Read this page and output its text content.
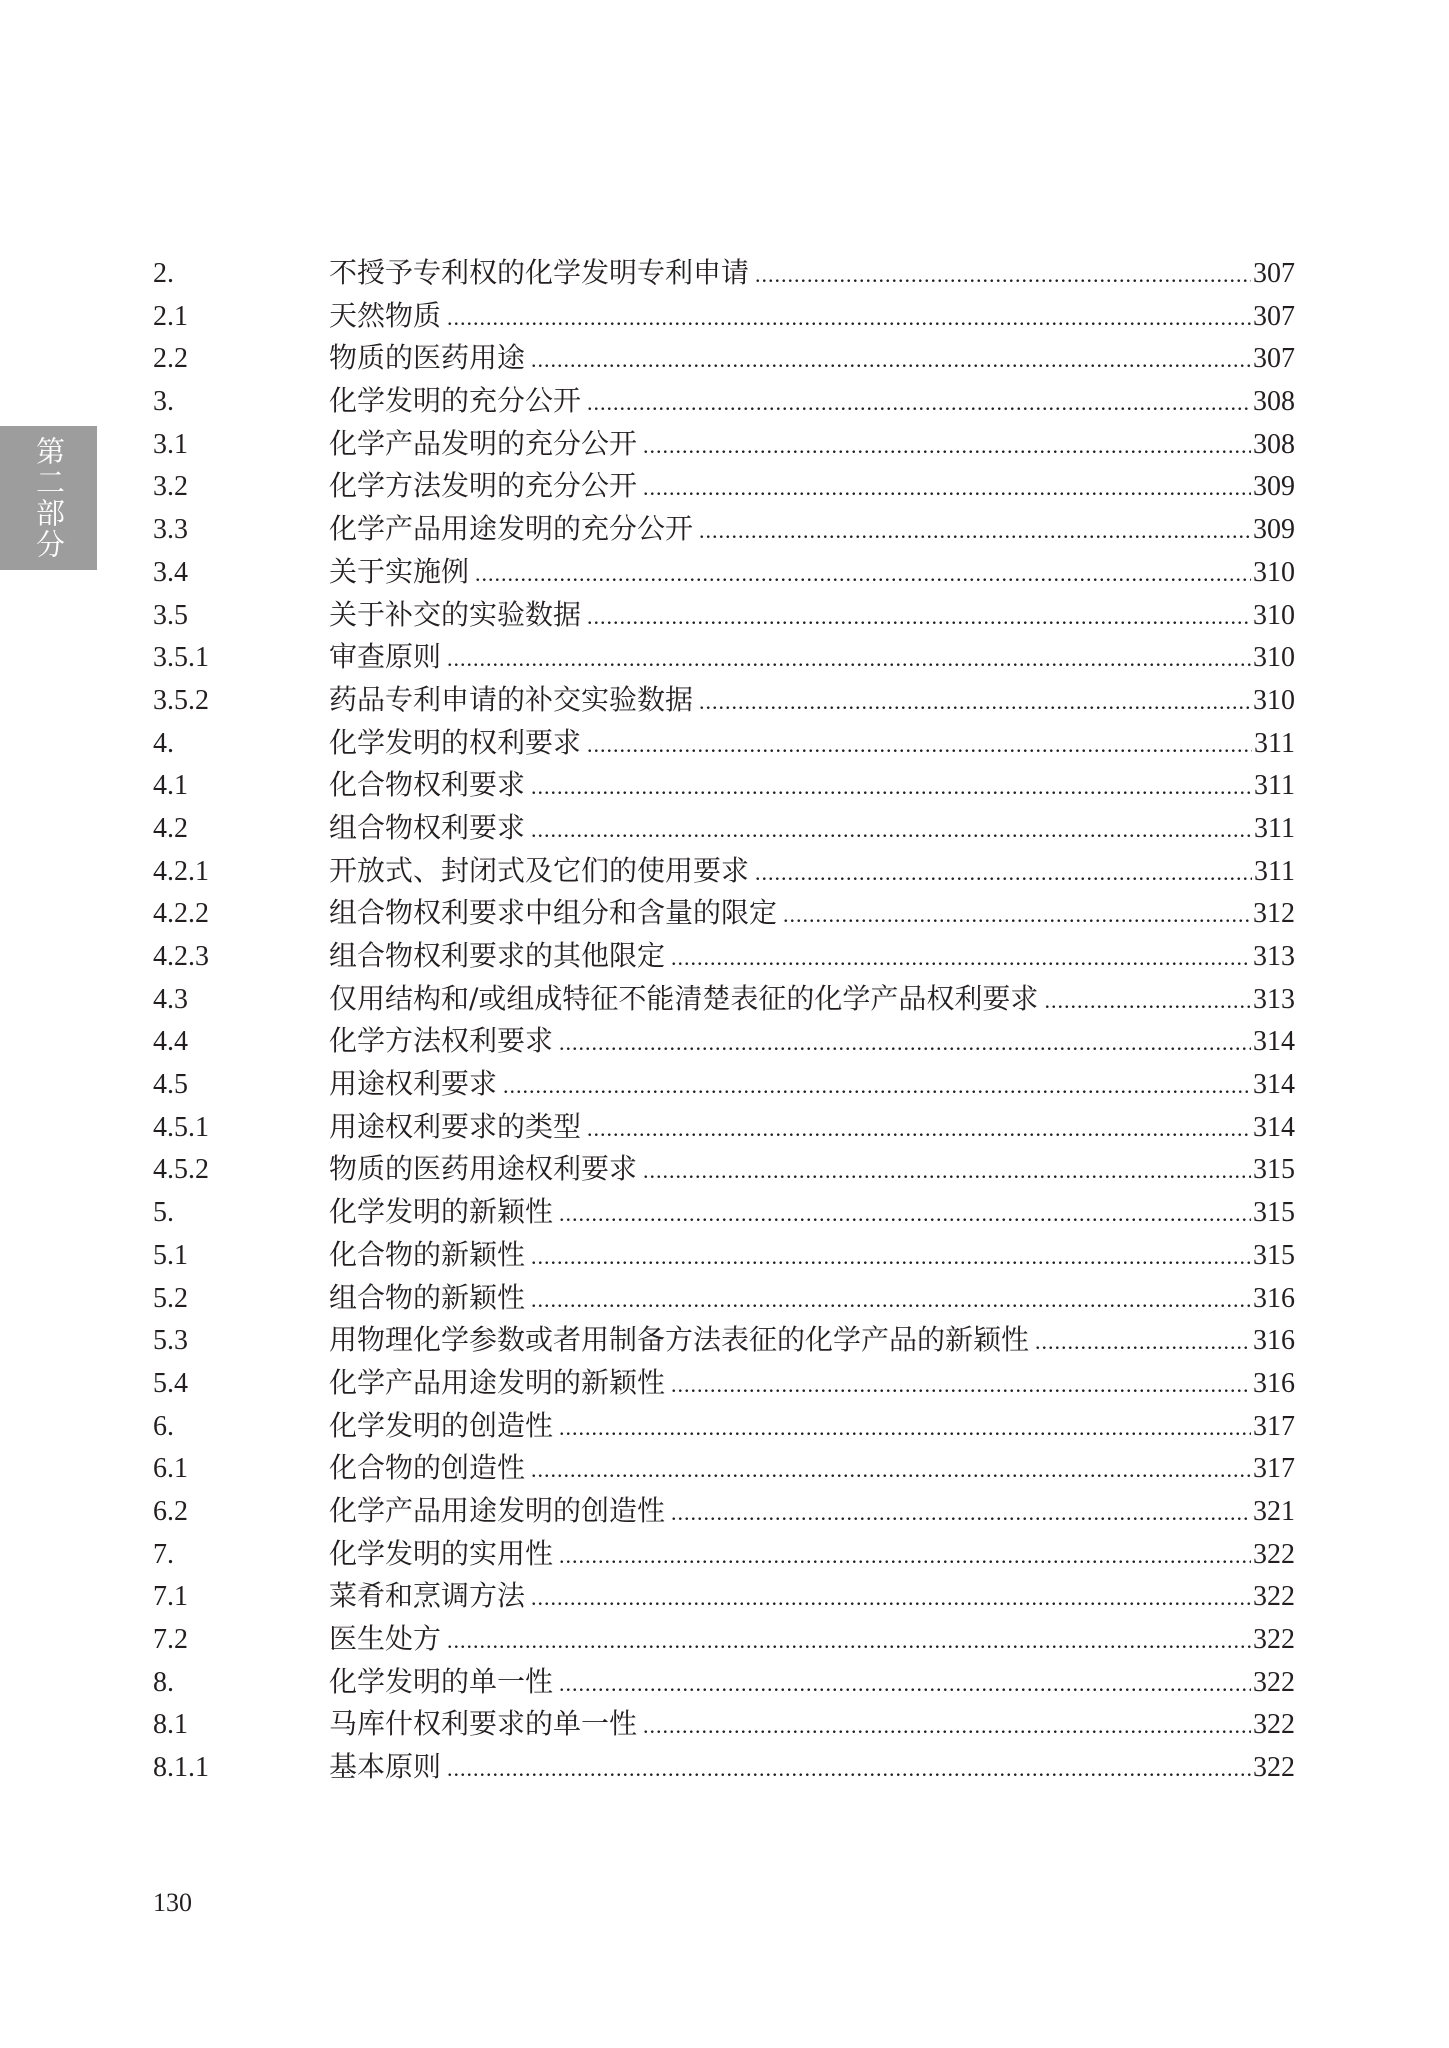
第二部分
2.	不授予专利权的化学发明专利申请 .....	307
2.1	天然物质 .....	307
2.2	物质的医药用途 .....	307
3.	化学发明的充分公开 .....	308
3.1	化学产品发明的充分公开 .....	308
3.2	化学方法发明的充分公开 .....	309
3.3	化学产品用途发明的充分公开 .....	309
3.4	关于实施例 .....	310
3.5	关于补交的实验数据 .....	310
3.5.1	审查原则 .....	310
3.5.2	药品专利申请的补交实验数据 .....	310
4.	化学发明的权利要求 .....	311
4.1	化合物权利要求 .....	311
4.2	组合物权利要求 .....	311
4.2.1	开放式、封闭式及它们的使用要求 .....	311
4.2.2	组合物权利要求中组分和含量的限定 .....	312
4.2.3	组合物权利要求的其他限定 .....	313
4.3	仅用结构和/或组成特征不能清楚表征的化学产品权利要求 .....	313
4.4	化学方法权利要求 .....	314
4.5	用途权利要求 .....	314
4.5.1	用途权利要求的类型 .....	314
4.5.2	物质的医药用途权利要求 .....	315
5.	化学发明的新颖性 .....	315
5.1	化合物的新颖性 .....	315
5.2	组合物的新颖性 .....	316
5.3	用物理化学参数或者用制备方法表征的化学产品的新颖性 .....	316
5.4	化学产品用途发明的新颖性 .....	316
6.	化学发明的创造性 .....	317
6.1	化合物的创造性 .....	317
6.2	化学产品用途发明的创造性 .....	321
7.	化学发明的实用性 .....	322
7.1	菜肴和烹调方法 .....	322
7.2	医生处方 .....	322
8.	化学发明的单一性 .....	322
8.1	马库什权利要求的单一性 .....	322
8.1.1	基本原则 .....	322
130
